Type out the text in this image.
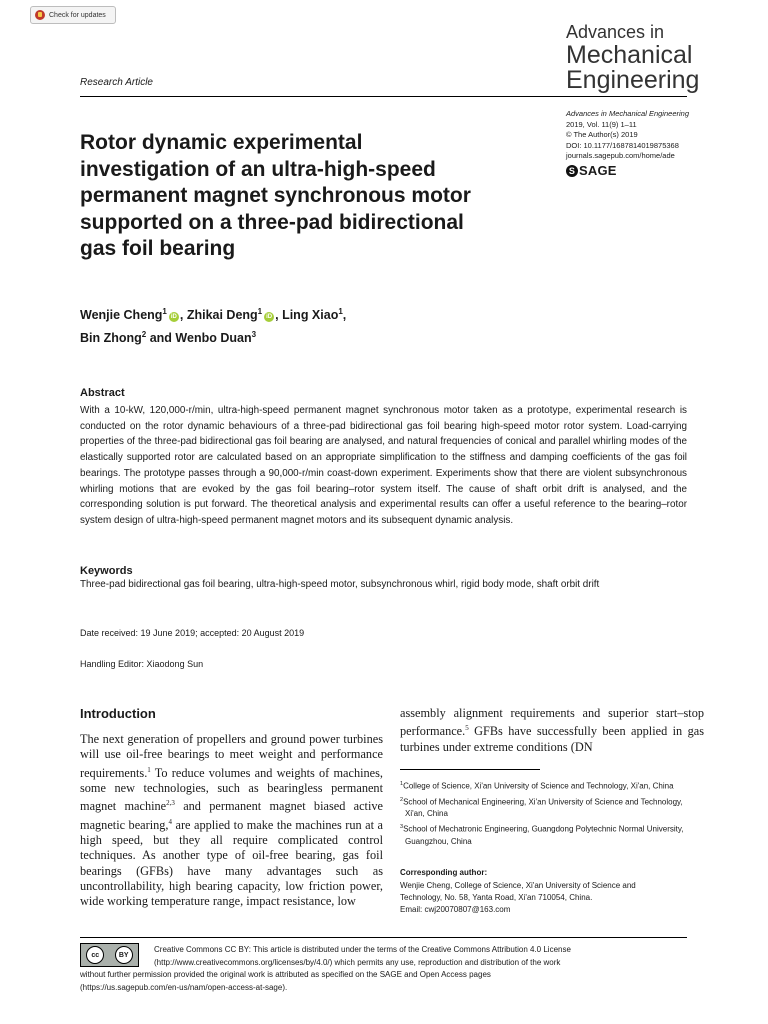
Check for updates
Advances in
Mechanical
Engineering
Research Article
Advances in Mechanical Engineering
2019, Vol. 11(9) 1–11
© The Author(s) 2019
DOI: 10.1177/1687814019875368
journals.sagepub.com/home/ade
S SAGE
Rotor dynamic experimental investigation of an ultra-high-speed permanent magnet synchronous motor supported on a three-pad bidirectional gas foil bearing
Wenjie Cheng$^1$iD , Zhikai Deng$^1$iD , Ling Xiao$^1$,
Bin Zhong$^2$ and Wenbo Duan$^3$
Abstract
With a 10-kW, 120,000-r/min, ultra-high-speed permanent magnet synchronous motor taken as a prototype, experimental research is conducted on the rotor dynamic behaviours of a three-pad bidirectional gas foil bearing high-speed motor rotor system. Load-carrying properties of the three-pad bidirectional gas foil bearing are analysed, and natural frequencies of conical and parallel whirling modes of the elastically supported rotor are calculated based on an appropriate simplification to the stiffness and damping coefficients of the gas foil bearings. The prototype passes through a 90,000-r/min coast-down experiment. Experiments show that there are violent subsynchronous whirling motions that are evoked by the gas foil bearing–rotor system itself. The cause of shaft orbit drift is analysed, and the corresponding solution is put forward. The theoretical analysis and experimental results can offer a useful reference to the bearing–rotor system design of ultra-high-speed permanent magnet motors and its subsequent dynamic analysis.
Keywords
Three-pad bidirectional gas foil bearing, ultra-high-speed motor, subsynchronous whirl, rigid body mode, shaft orbit drift
Date received: 19 June 2019; accepted: 20 August 2019
Handling Editor: Xiaodong Sun
Introduction
The next generation of propellers and ground power turbines will use oil-free bearings to meet weight and performance requirements.$^1$ To reduce volumes and weights of machines, some new technologies, such as bearingless permanent magnet machine$^{2,3}$ and permanent magnet biased active magnetic bearing,$^4$ are applied to make the machines run at a high speed, but they all require complicated control techniques. As another type of oil-free bearing, gas foil bearings (GFBs) have many advantages such as uncontrollability, high bearing capacity, low friction power, wide working temperature range, impact resistance, low
assembly alignment requirements and superior start–stop performance.$^5$ GFBs have successfully been applied in gas turbines under extreme conditions (DN
$^1$College of Science, Xi'an University of Science and Technology, Xi'an, China
$^2$School of Mechanical Engineering, Xi'an University of Science and Technology, Xi'an, China
$^3$School of Mechatronic Engineering, Guangdong Polytechnic Normal University, Guangzhou, China
Corresponding author:
Wenjie Cheng, College of Science, Xi'an University of Science and
Technology, No. 58, Yanta Road, Xi'an 710054, China.
Email: cwj20070807@163.com
cc	BY
Creative Commons CC BY: This article is distributed under the terms of the Creative Commons Attribution 4.0 License
(http://www.creativecommons.org/licenses/by/4.0/) which permits any use, reproduction and distribution of the work
without further permission provided the original work is attributed as specified on the SAGE and Open Access pages
(https://us.sagepub.com/en-us/nam/open-access-at-sage).
